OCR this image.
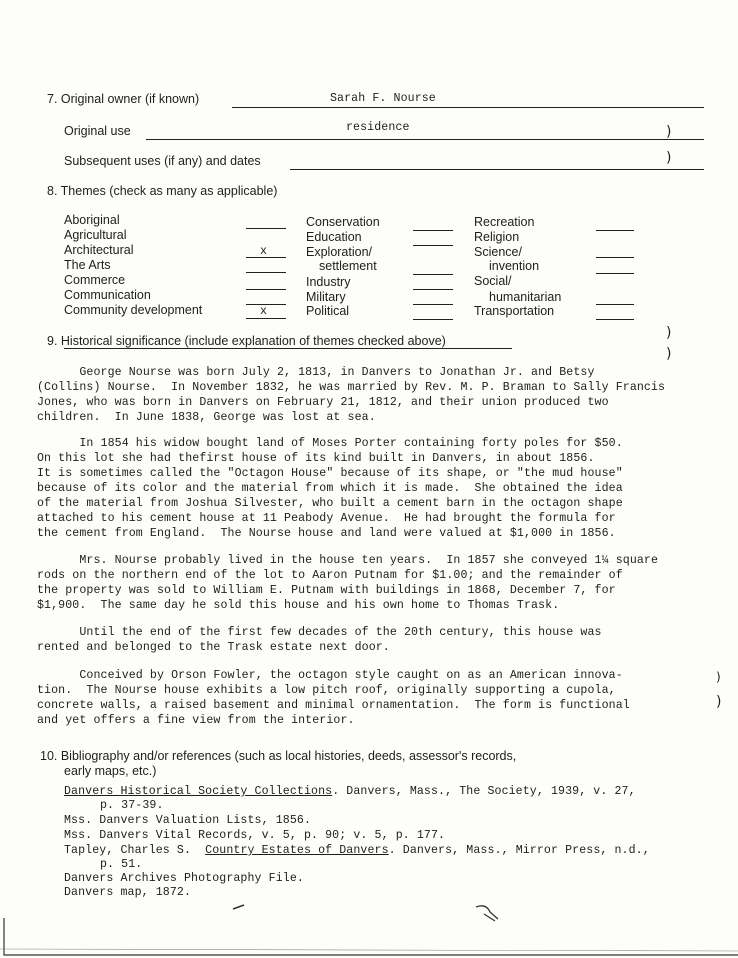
7. Original owner (if known)	Sarah F. Nourse
Original use	residence
Subsequent uses (if any) and dates
8. Themes (check as many as applicable)
Aboriginal
Agricultural
Architectural
The Arts
Commerce
Communication
Community development
x
x
Conservation
Education
Exploration/
settlement
Industry
Military
Political
Recreation
Religion
Science/
invention
Social/
humanitarian
Transportation
9. Historical significance (include explanation of themes checked above)
10. Bibliography and/or references (such as local histories, deeds, assessor's records,
early maps, etc.)
George Nourse was born July 2, 1813, in Danvers to Jonathan Jr. and Betsy
(Collins) Nourse.  In November 1832, he was married by Rev. M. P. Braman to Sally Francis
Jones, who was born in Danvers on February 21, 1812, and their union produced two
children.  In June 1838, George was lost at sea.
In 1854 his widow bought land of Moses Porter containing forty poles for $50.
On this lot she had thefirst house of its kind built in Danvers, in about 1856.
It is sometimes called the "Octagon House" because of its shape, or "the mud house"
because of its color and the material from which it is made.  She obtained the idea
of the material from Joshua Silvester, who built a cement barn in the octagon shape
attached to his cement house at 11 Peabody Avenue.  He had brought the formula for
the cement from England.  The Nourse house and land were valued at $1,000 in 1856.
Mrs. Nourse probably lived in the house ten years.  In 1857 she conveyed 1¼ square
rods on the northern end of the lot to Aaron Putnam for $1.00; and the remainder of
the property was sold to William E. Putnam with buildings in 1868, December 7, for
$1,900.  The same day he sold this house and his own home to Thomas Trask.
Until the end of the first few decades of the 20th century, this house was
rented and belonged to the Trask estate next door.
Conceived by Orson Fowler, the octagon style caught on as an American innova-
tion.  The Nourse house exhibits a low pitch roof, originally supporting a cupola,
concrete walls, a raised basement and minimal ornamentation.  The form is functional
and yet offers a fine view from the interior.
Danvers Historical Society Collections. Danvers, Mass., The Society, 1939, v. 27,
p. 37-39.
Mss. Danvers Valuation Lists, 1856.
Mss. Danvers Vital Records, v. 5, p. 90; v. 5, p. 177.
Tapley, Charles S.  Country Estates of Danvers. Danvers, Mass., Mirror Press, n.d.,
p. 51.
Danvers Archives Photography File.
Danvers map, 1872.
)
)
)
)
)
)
